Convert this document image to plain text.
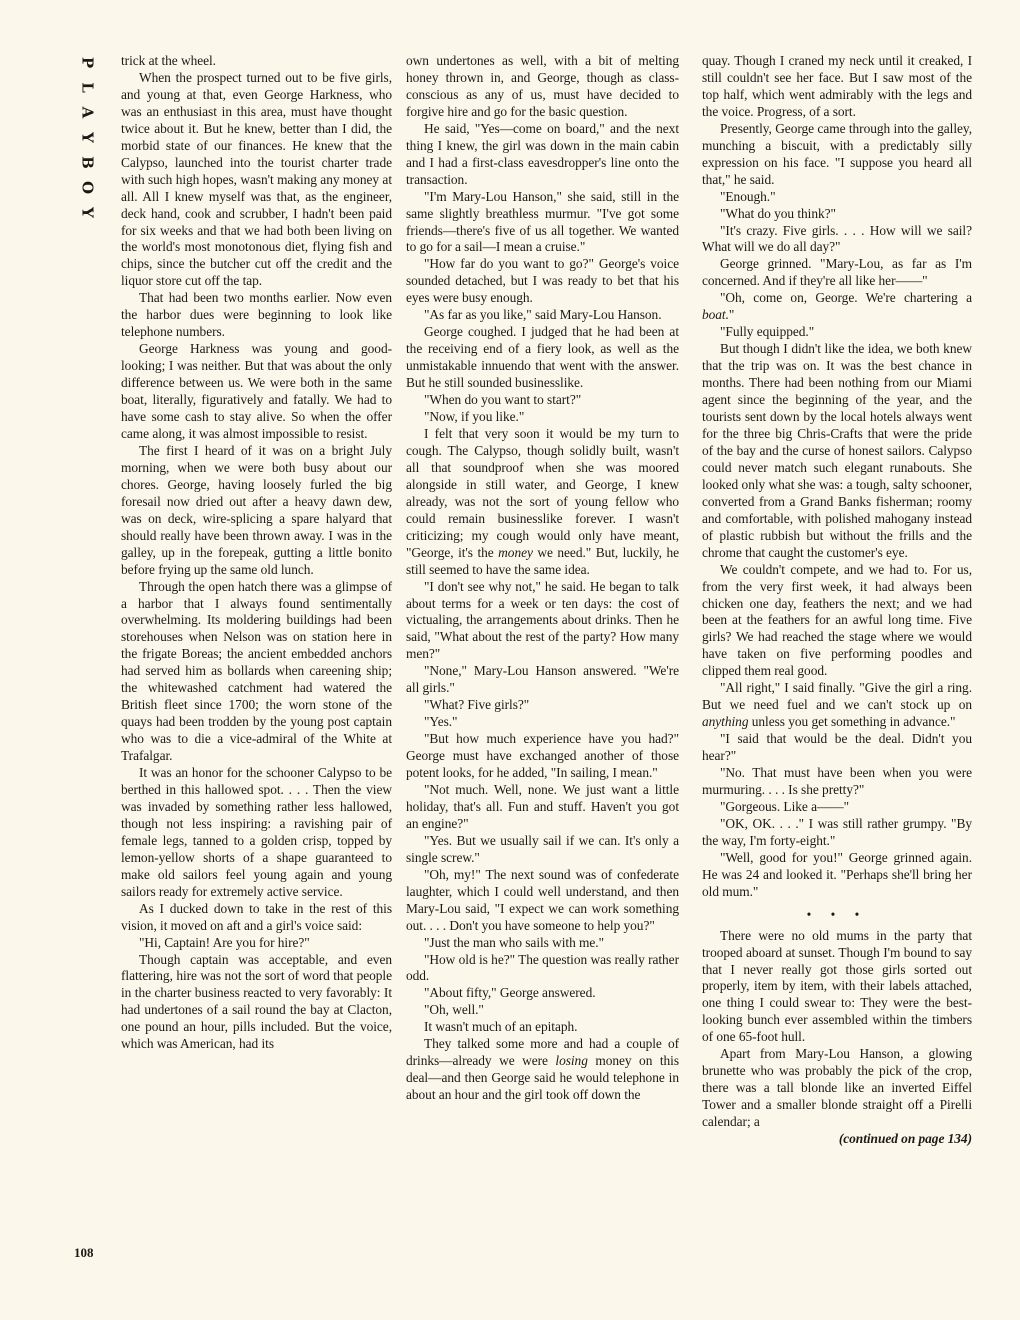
P
L
A
Y
B
O
Y

trick at the wheel.

When the prospect turned out to be five girls, and young at that, even George Harkness, who was an enthusiast in this area, must have thought twice about it. But he knew, better than I did, the morbid state of our finances. He knew that the Calypso, launched into the tourist charter trade with such high hopes, wasn't making any money at all. All I knew myself was that, as the engineer, deck hand, cook and scrubber, I hadn't been paid for six weeks and that we had both been living on the world's most monotonous diet, flying fish and chips, since the butcher cut off the credit and the liquor store cut off the tap.

That had been two months earlier. Now even the harbor dues were beginning to look like telephone numbers.

George Harkness was young and good-looking; I was neither. But that was about the only difference between us. We were both in the same boat, literally, figuratively and fatally. We had to have some cash to stay alive. So when the offer came along, it was almost impossible to resist.

The first I heard of it was on a bright July morning, when we were both busy about our chores. George, having loosely furled the big foresail now dried out after a heavy dawn dew, was on deck, wire-splicing a spare halyard that should really have been thrown away. I was in the galley, up in the forepeak, gutting a little bonito before frying up the same old lunch.

Through the open hatch there was a glimpse of a harbor that I always found sentimentally overwhelming. Its moldering buildings had been storehouses when Nelson was on station here in the frigate Boreas; the ancient embedded anchors had served him as bollards when careening ship; the whitewashed catchment had watered the British fleet since 1700; the worn stone of the quays had been trodden by the young post captain who was to die a vice-admiral of the White at Trafalgar.

It was an honor for the schooner Calypso to be berthed in this hallowed spot. . . . Then the view was invaded by something rather less hallowed, though not less inspiring: a ravishing pair of female legs, tanned to a golden crisp, topped by lemon-yellow shorts of a shape guaranteed to make old sailors feel young again and young sailors ready for extremely active service.

As I ducked down to take in the rest of this vision, it moved on aft and a girl's voice said:

"Hi, Captain! Are you for hire?"

Though captain was acceptable, and even flattering, hire was not the sort of word that people in the charter business reacted to very favorably: It had undertones of a sail round the bay at Clacton, one pound an hour, pills included. But the voice, which was American, had its

own undertones as well, with a bit of melting honey thrown in, and George, though as class-conscious as any of us, must have decided to forgive hire and go for the basic question.

He said, "Yes—come on board," and the next thing I knew, the girl was down in the main cabin and I had a first-class eavesdropper's line onto the transaction.

"I'm Mary-Lou Hanson," she said, still in the same slightly breathless murmur. "I've got some friends—there's five of us all together. We wanted to go for a sail—I mean a cruise."

"How far do you want to go?" George's voice sounded detached, but I was ready to bet that his eyes were busy enough.

"As far as you like," said Mary-Lou Hanson.

George coughed. I judged that he had been at the receiving end of a fiery look, as well as the unmistakable innuendo that went with the answer. But he still sounded businesslike.

"When do you want to start?"

"Now, if you like."

I felt that very soon it would be my turn to cough. The Calypso, though solidly built, wasn't all that soundproof when she was moored alongside in still water, and George, I knew already, was not the sort of young fellow who could remain businesslike forever. I wasn't criticizing; my cough would only have meant, "George, it's the money we need." But, luckily, he still seemed to have the same idea.

"I don't see why not," he said. He began to talk about terms for a week or ten days: the cost of victualing, the arrangements about drinks. Then he said, "What about the rest of the party? How many men?"

"None," Mary-Lou Hanson answered. "We're all girls."

"What? Five girls?"

"Yes."

"But how much experience have you had?" George must have exchanged another of those potent looks, for he added, "In sailing, I mean."

"Not much. Well, none. We just want a little holiday, that's all. Fun and stuff. Haven't you got an engine?"

"Yes. But we usually sail if we can. It's only a single screw."

"Oh, my!" The next sound was of confederate laughter, which I could well understand, and then Mary-Lou said, "I expect we can work something out. . . . Don't you have someone to help you?"

"Just the man who sails with me."

"How old is he?" The question was really rather odd.

"About fifty," George answered.

"Oh, well."

It wasn't much of an epitaph.

They talked some more and had a couple of drinks—already we were losing money on this deal—and then George said he would telephone in about an hour and the girl took off down the

quay. Though I craned my neck until it creaked, I still couldn't see her face. But I saw most of the top half, which went admirably with the legs and the voice. Progress, of a sort.

Presently, George came through into the galley, munching a biscuit, with a predictably silly expression on his face. "I suppose you heard all that," he said.

"Enough."

"What do you think?"

"It's crazy. Five girls. . . . How will we sail? What will we do all day?"

George grinned. "Mary-Lou, as far as I'm concerned. And if they're all like her——"

"Oh, come on, George. We're chartering a boat."

"Fully equipped."

But though I didn't like the idea, we both knew that the trip was on. It was the best chance in months. There had been nothing from our Miami agent since the beginning of the year, and the tourists sent down by the local hotels always went for the three big Chris-Crafts that were the pride of the bay and the curse of honest sailors. Calypso could never match such elegant runabouts. She looked only what she was: a tough, salty schooner, converted from a Grand Banks fisherman; roomy and comfortable, with polished mahogany instead of plastic rubbish but without the frills and the chrome that caught the customer's eye.

We couldn't compete, and we had to. For us, from the very first week, it had always been chicken one day, feathers the next; and we had been at the feathers for an awful long time. Five girls? We had reached the stage where we would have taken on five performing poodles and clipped them real good.

"All right," I said finally. "Give the girl a ring. But we need fuel and we can't stock up on anything unless you get something in advance."

"I said that would be the deal. Didn't you hear?"

"No. That must have been when you were murmuring. . . . Is she pretty?"

"Gorgeous. Like a——"

"OK, OK. . . ." I was still rather grumpy. "By the way, I'm forty-eight."

"Well, good for you!" George grinned again. He was 24 and looked it. "Perhaps she'll bring her old mum."

• • •

There were no old mums in the party that trooped aboard at sunset. Though I'm bound to say that I never really got those girls sorted out properly, item by item, with their labels attached, one thing I could swear to: They were the best-looking bunch ever assembled within the timbers of one 65-foot hull.

Apart from Mary-Lou Hanson, a glowing brunette who was probably the pick of the crop, there was a tall blonde like an inverted Eiffel Tower and a smaller blonde straight off a Pirelli calendar; a

(continued on page 134)

108
